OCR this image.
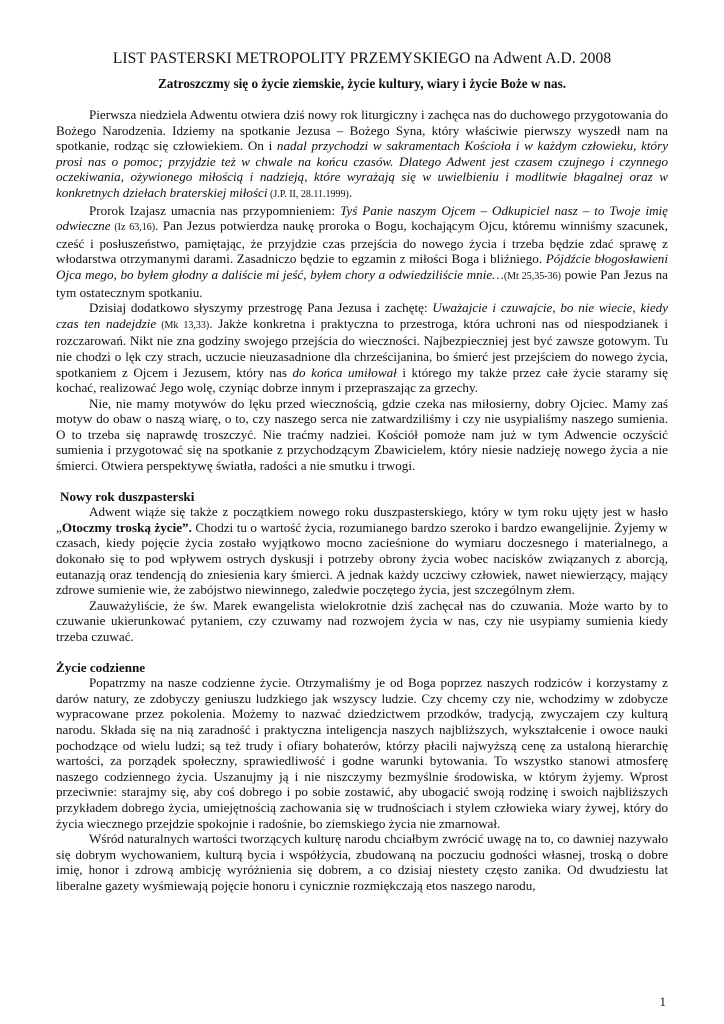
LIST PASTERSKI METROPOLITY PRZEMYSKIEGO na Adwent A.D. 2008
Zatroszczmy się o życie ziemskie, życie kultury, wiary i życie Boże w nas.

Pierwsza niedziela Adwentu otwiera dziś nowy rok liturgiczny i zachęca nas do duchowego przygotowania do Bożego Narodzenia. Idziemy na spotkanie Jezusa – Bożego Syna, który właściwie pierwszy wyszedł nam na spotkanie, rodząc się człowiekiem. On i nadal przychodzi w sakramentach Kościoła i w każdym człowieku, który prosi nas o pomoc; przyjdzie też w chwale na końcu czasów. Dlatego Adwent jest czasem czujnego i czynnego oczekiwania, ożywionego miłością i nadzieją, które wyrażają się w uwielbieniu i modlitwie błagalnej oraz w konkretnych dziełach braterskiej miłości (J.P. II, 28.11.1999).

Prorok Izajasz umacnia nas przypomnieniem: Tyś Panie naszym Ojcem – Odkupiciel nasz – to Twoje imię odwieczne (Iz 63,16). Pan Jezus potwierdza naukę proroka o Bogu, kochającym Ojcu, któremu winniśmy szacunek, cześć i posłuszeństwo, pamiętając, że przyjdzie czas przejścia do nowego życia i trzeba będzie zdać sprawę z włodarstwa otrzymanymi darami. Zasadniczo będzie to egzamin z miłości Boga i bliźniego. Pójdźcie błogosławieni Ojca mego, bo byłem głodny a daliście mi jeść, byłem chory a odwiedziliście mnie…(Mt 25,35-36) powie Pan Jezus na tym ostatecznym spotkaniu.

Dzisiaj dodatkowo słyszymy przestrogę Pana Jezusa i zachętę: Uważajcie i czuwajcie, bo nie wiecie, kiedy czas ten nadejdzie (Mk 13,33). Jakże konkretna i praktyczna to przestroga, która uchroni nas od niespodzianek i rozczarowań. Nikt nie zna godziny swojego przejścia do wieczności. Najbezpieczniej jest być zawsze gotowym. Tu nie chodzi o lęk czy strach, uczucie nieuzasadnione dla chrześcijanina, bo śmierć jest przejściem do nowego życia, spotkaniem z Ojcem i Jezusem, który nas do końca umiłował i którego my także przez całe życie staramy się kochać, realizować Jego wolę, czyniąc dobrze innym i przepraszając za grzechy.

Nie, nie mamy motywów do lęku przed wiecznością, gdzie czeka nas miłosierny, dobry Ojciec. Mamy zaś motyw do obaw o naszą wiarę, o to, czy naszego serca nie zatwardziliśmy i czy nie usypialiśmy naszego sumienia. O to trzeba się naprawdę troszczyć. Nie traćmy nadziei. Kościół pomoże nam już w tym Adwencie oczyścić sumienia i przygotować się na spotkanie z przychodzącym Zbawicielem, który niesie nadzieję nowego życia a nie śmierci. Otwiera perspektywę światła, radości a nie smutku i trwogi.

Nowy rok duszpasterski

Adwent wiąże się także z początkiem nowego roku duszpasterskiego, który w tym roku ujęty jest w hasło „Otoczmy troską życie”. Chodzi tu o wartość życia, rozumianego bardzo szeroko i bardzo ewangelijnie. Żyjemy w czasach, kiedy pojęcie życia zostało wyjątkowo mocno zacieśnione do wymiaru doczesnego i materialnego, a dokonało się to pod wpływem ostrych dyskusji i potrzeby obrony życia wobec nacisków związanych z aborcją, eutanazją oraz tendencją do zniesienia kary śmierci. A jednak każdy uczciwy człowiek, nawet niewierzący, mający zdrowe sumienie wie, że zabójstwo niewinnego, zaledwie poczętego życia, jest szczególnym złem.

Zauważyliście, że św. Marek ewangelista wielokrotnie dziś zachęcał nas do czuwania. Może warto by to czuwanie ukierunkować pytaniem, czy czuwamy nad rozwojem życia w nas, czy nie usypiamy sumienia kiedy trzeba czuwać.

Życie codzienne

Popatrzmy na nasze codzienne życie. Otrzymaliśmy je od Boga poprzez naszych rodziców i korzystamy z darów natury, ze zdobyczy geniuszu ludzkiego jak wszyscy ludzie. Czy chcemy czy nie, wchodzimy w zdobycze wypracowane przez pokolenia. Możemy to nazwać dziedzictwem przodków, tradycją, zwyczajem czy kulturą narodu. Składa się na nią zaradność i praktyczna inteligencja naszych najbliższych, wykształcenie i owoce nauki pochodzące od wielu ludzi; są też trudy i ofiary bohaterów, którzy płacili najwyższą cenę za ustaloną hierarchię wartości, za porządek społeczny, sprawiedliwość i godne warunki bytowania. To wszystko stanowi atmosferę naszego codziennego życia. Uszanujmy ją i nie niszczymy bezmyślnie środowiska, w którym żyjemy. Wprost przeciwnie: starajmy się, aby coś dobrego i po sobie zostawić, aby ubogacić swoją rodzinę i swoich najbliższych przykładem dobrego życia, umiejętnością zachowania się w trudnościach i stylem człowieka wiary żywej, który do życia wiecznego przejdzie spokojnie i radośnie, bo ziemskiego życia nie zmarnował.

Wśród naturalnych wartości tworzących kulturę narodu chciałbym zwrócić uwagę na to, co dawniej nazywało się dobrym wychowaniem, kulturą bycia i współżycia, zbudowaną na poczuciu godności własnej, troską o dobre imię, honor i zdrową ambicję wyróżnienia się dobrem, a co dzisiaj niestety często zanika. Od dwudziestu lat liberalne gazety wyśmiewają pojęcie honoru i cynicznie rozmiękczają etos naszego narodu,

1
